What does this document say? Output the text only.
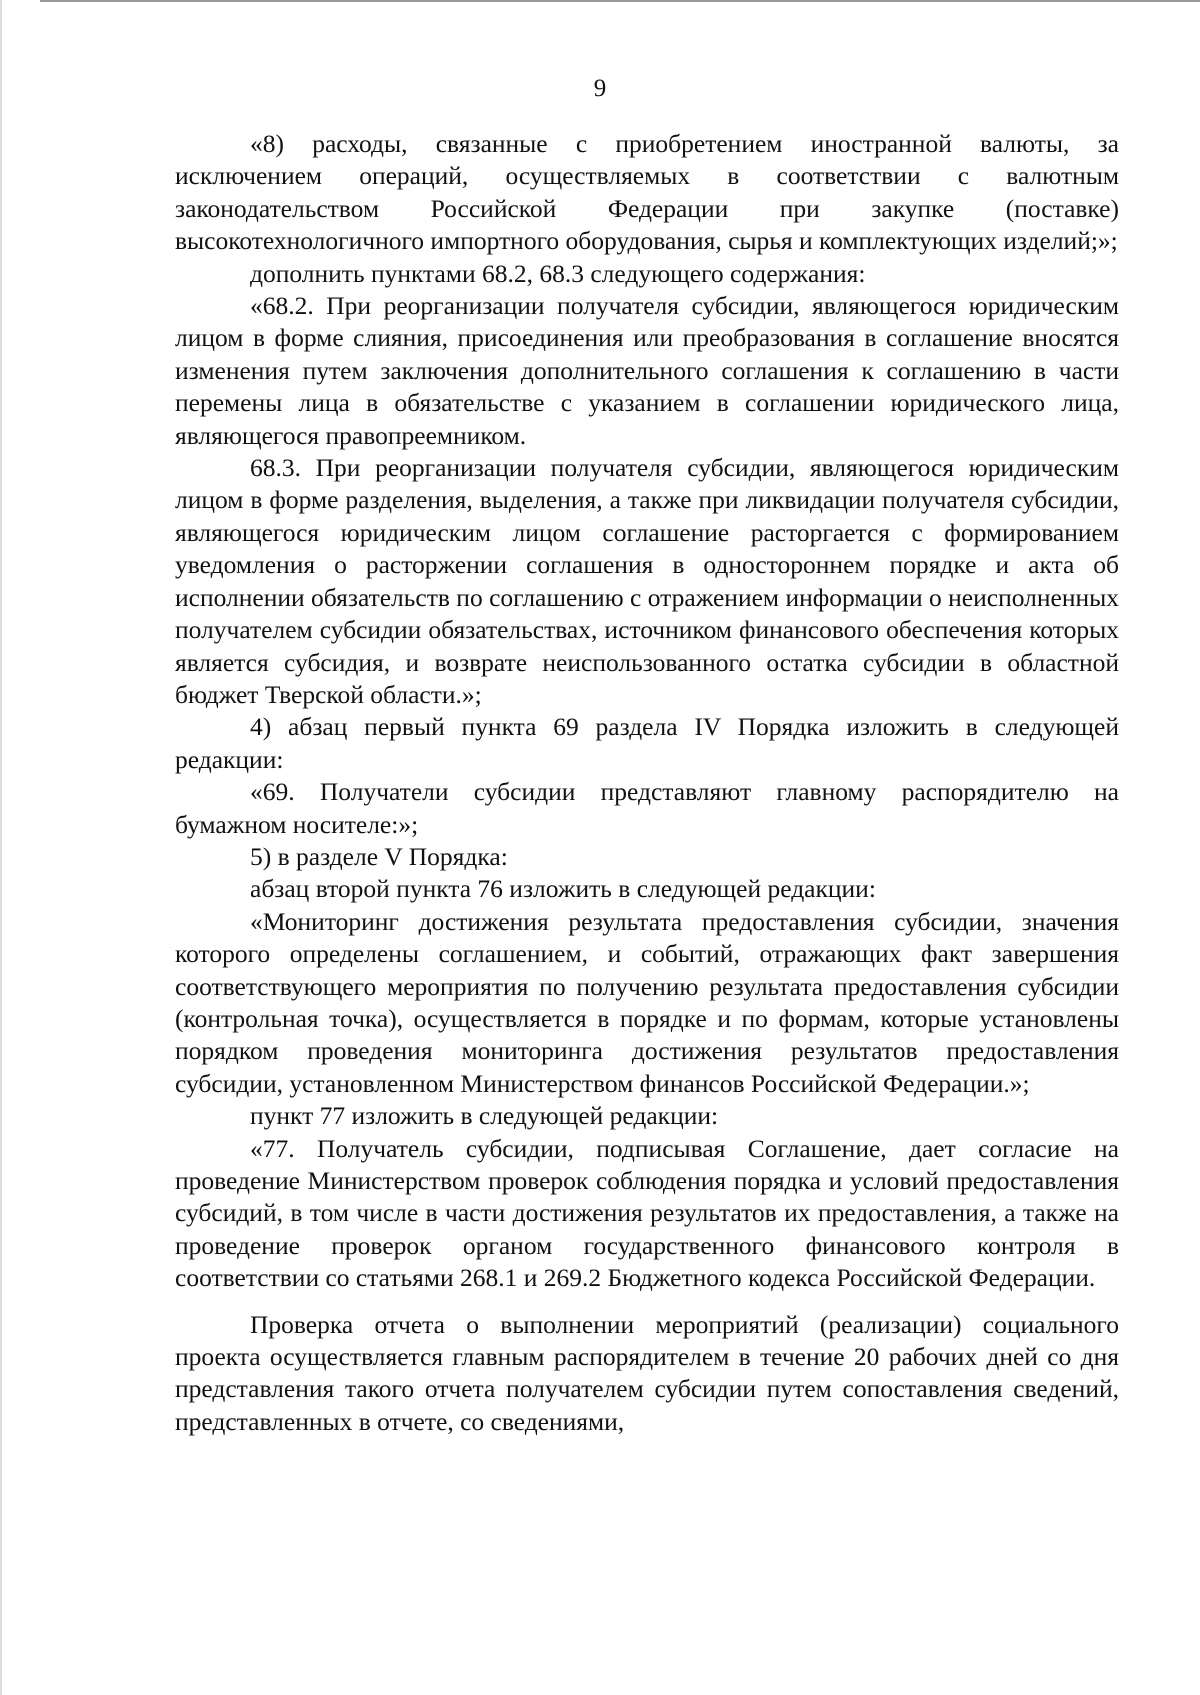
9

«8) расходы, связанные с приобретением иностранной валюты, за исключением операций, осуществляемых в соответствии с валютным законодательством Российской Федерации при закупке (поставке) высокотехнологичного импортного оборудования, сырья и комплектующих изделий;»;

дополнить пунктами 68.2, 68.3 следующего содержания:

«68.2. При реорганизации получателя субсидии, являющегося юридическим лицом в форме слияния, присоединения или преобразования в соглашение вносятся изменения путем заключения дополнительного соглашения к соглашению в части перемены лица в обязательстве с указанием в соглашении юридического лица, являющегося правопреемником.

68.3. При реорганизации получателя субсидии, являющегося юридическим лицом в форме разделения, выделения, а также при ликвидации получателя субсидии, являющегося юридическим лицом соглашение расторгается с формированием уведомления о расторжении соглашения в одностороннем порядке и акта об исполнении обязательств по соглашению с отражением информации о неисполненных получателем субсидии обязательствах, источником финансового обеспечения которых является субсидия, и возврате неиспользованного остатка субсидии в областной бюджет Тверской области.»;

4) абзац первый пункта 69 раздела IV Порядка изложить в следующей редакции:

«69. Получатели субсидии представляют главному распорядителю на бумажном носителе:»;

5) в разделе V Порядка:

абзац второй пункта 76 изложить в следующей редакции:

«Мониторинг достижения результата предоставления субсидии, значения которого определены соглашением, и событий, отражающих факт завершения соответствующего мероприятия по получению результата предоставления субсидии (контрольная точка), осуществляется в порядке и по формам, которые установлены порядком проведения мониторинга достижения результатов предоставления субсидии, установленном Министерством финансов Российской Федерации.»;

пункт 77 изложить в следующей редакции:

«77. Получатель субсидии, подписывая Соглашение, дает согласие на проведение Министерством проверок соблюдения порядка и условий предоставления субсидий, в том числе в части достижения результатов их предоставления, а также на проведение проверок органом государственного финансового контроля в соответствии со статьями 268.1 и 269.2 Бюджетного кодекса Российской Федерации.

Проверка отчета о выполнении мероприятий (реализации) социального проекта осуществляется главным распорядителем в течение 20 рабочих дней со дня представления такого отчета получателем субсидии путем сопоставления сведений, представленных в отчете, со сведениями,
